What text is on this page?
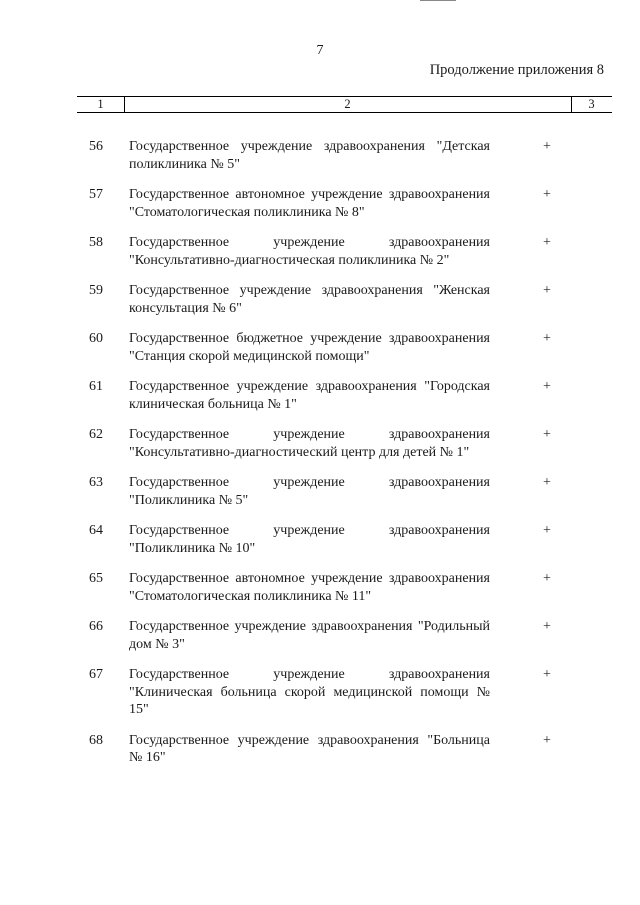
7
Продолжение приложения 8
1	2	3
56 Государственное учреждение здравоохранения "Детская поликлиника № 5"
+
57 Государственное автономное учреждение здравоохранения "Стоматологическая поликлиника № 8"
+
58 Государственное учреждение здравоохранения "Консультативно-диагностическая поликлиника № 2"
+
59 Государственное учреждение здравоохранения "Женская консультация № 6"
+
60 Государственное бюджетное учреждение здравоохранения "Станция скорой медицинской помощи"
+
61 Государственное учреждение здравоохранения "Городская клиническая больница № 1"
+
62 Государственное учреждение здравоохранения "Консультативно-диагностический центр для детей № 1"
+
63 Государственное учреждение здравоохранения "Поликлиника № 5"
+
64 Государственное учреждение здравоохранения "Поликлиника № 10"
+
65 Государственное автономное учреждение здравоохранения "Стоматологическая поликлиника № 11"
+
66 Государственное учреждение здравоохранения "Родильный дом № 3"
+
67 Государственное учреждение здравоохранения "Клиническая больница скорой медицинской помощи № 15"
+
68 Государственное учреждение здравоохранения "Больница № 16"
+
